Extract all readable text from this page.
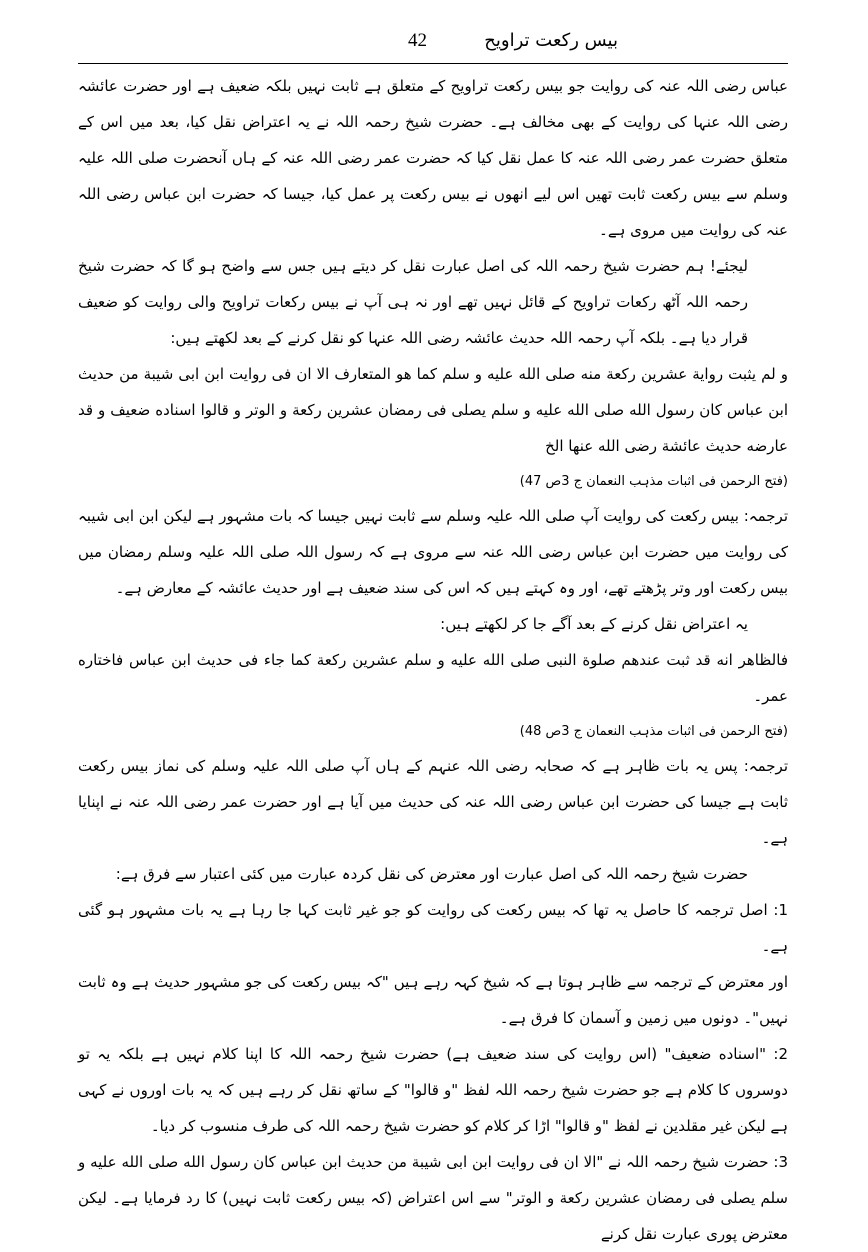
بیس رکعت تراویح
42

عباس رضی اللہ عنہ کی روایت جو بیس رکعت تراویح کے متعلق ہے ثابت نہیں بلکہ ضعیف ہے اور حضرت عائشہ رضی اللہ عنہا کی روایت کے بھی مخالف ہے۔ حضرت شیخ رحمہ اللہ نے یہ اعتراض نقل کیا، بعد میں اس کے متعلق حضرت عمر رضی اللہ عنہ کا عمل نقل کیا کہ حضرت عمر رضی اللہ عنہ کے ہاں آنحضرت صلی اللہ علیہ وسلم سے بیس رکعت ثابت تھیں اس لیے انھوں نے بیس رکعت پر عمل کیا، جیسا کہ حضرت ابن عباس رضی اللہ عنہ کی روایت میں مروی ہے۔

لیجئے! ہم حضرت شیخ رحمہ اللہ کی اصل عبارت نقل کر دیتے ہیں جس سے واضح ہو گا کہ حضرت شیخ رحمہ اللہ آٹھ رکعات تراویح کے قائل نہیں تھے اور نہ ہی آپ نے بیس رکعات تراویح والی روایت کو ضعیف قرار دیا ہے۔ بلکہ آپ رحمہ اللہ حدیث عائشہ رضی اللہ عنہا کو نقل کرنے کے بعد لکھتے ہیں:

و لم یثبت روایة عشرین رکعة منه صلی الله علیه و سلم کما هو المتعارف الا ان فی روایت ابن ابی شیبة من حدیث ابن عباس کان رسول الله صلی الله علیه و سلم یصلی فی رمضان عشرین رکعة و الوتر و قالوا اسناده ضعیف و قد عارضه حدیث عائشة رضی الله عنها الخ

(فتح الرحمن فی اثبات مذہب النعمان ج 3ص 47)

ترجمہ: بیس رکعت کی روایت آپ صلی اللہ علیہ وسلم سے ثابت نہیں جیسا کہ بات مشہور ہے لیکن ابن ابی شیبہ کی روایت میں حضرت ابن عباس رضی اللہ عنہ سے مروی ہے کہ رسول اللہ صلی اللہ علیہ وسلم رمضان میں بیس رکعت اور وتر پڑھتے تھے، اور وہ کہتے ہیں کہ اس کی سند ضعیف ہے اور حدیث عائشہ کے معارض ہے۔

یہ اعتراض نقل کرنے کے بعد آگے جا کر لکھتے ہیں:

فالظاهر انه قد ثبت عندهم صلوة النبی صلی الله علیه و سلم عشرین رکعة کما جاء فی حدیث ابن عباس فاختاره عمر۔

(فتح الرحمن فی اثبات مذہب النعمان ج 3ص 48)

ترجمہ: پس یہ بات ظاہر ہے کہ صحابہ رضی اللہ عنہم کے ہاں آپ صلی اللہ علیہ وسلم کی نماز بیس رکعت ثابت ہے جیسا کی حضرت ابن عباس رضی اللہ عنہ کی حدیث میں آیا ہے اور حضرت عمر رضی اللہ عنہ نے اپنایا ہے۔

حضرت شیخ رحمہ اللہ کی اصل عبارت اور معترض کی نقل کردہ عبارت میں کئی اعتبار سے فرق ہے:

1: اصل ترجمہ کا حاصل یہ تھا کہ بیس رکعت کی روایت کو جو غیر ثابت کہا جا رہا ہے یہ بات مشہور ہو گئی ہے۔

اور معترض کے ترجمہ سے ظاہر ہوتا ہے کہ شیخ کہہ رہے ہیں "کہ بیس رکعت کی جو مشہور حدیث ہے وہ ثابت نہیں"۔ دونوں میں زمین و آسمان کا فرق ہے۔

2: "اسناده ضعیف" (اس روایت کی سند ضعیف ہے) حضرت شیخ رحمہ اللہ کا اپنا کلام نہیں ہے بلکہ یہ تو دوسروں کا کلام ہے جو حضرت شیخ رحمہ اللہ لفظ "و قالوا" کے ساتھ نقل کر رہے ہیں کہ یہ بات اوروں نے کہی ہے لیکن غیر مقلدین نے لفظ "و قالوا" اڑا کر کلام کو حضرت شیخ رحمہ اللہ کی طرف منسوب کر دیا۔

3: حضرت شیخ رحمہ اللہ نے "الا ان فی روایت ابن ابی شیبة من حدیث ابن عباس کان رسول الله صلی الله علیه و سلم یصلی فی رمضان عشرین رکعة و الوتر" سے اس اعتراض (کہ بیس رکعت ثابت نہیں) کا رد فرمایا ہے۔ لیکن معترض پوری عبارت نقل کرنے
